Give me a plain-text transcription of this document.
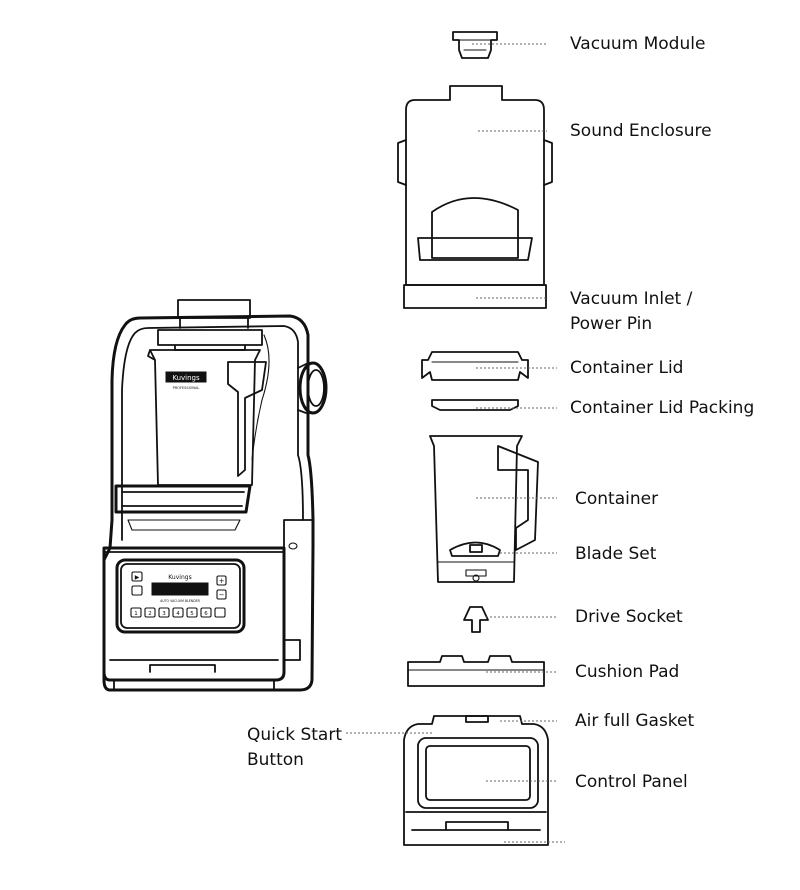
Kuvings
PROFESSIONAL
Kuvings
AUTO VACUUM BLENDER
▶	+
−
1 2 3 4 5 6
Vacuum Module
Sound Enclosure
Vacuum Inlet /
Power Pin
Container Lid
Container Lid Packing
Container
Blade Set
Drive Socket
Cushion Pad
Air full Gasket
Quick Start
Button
Control Panel
